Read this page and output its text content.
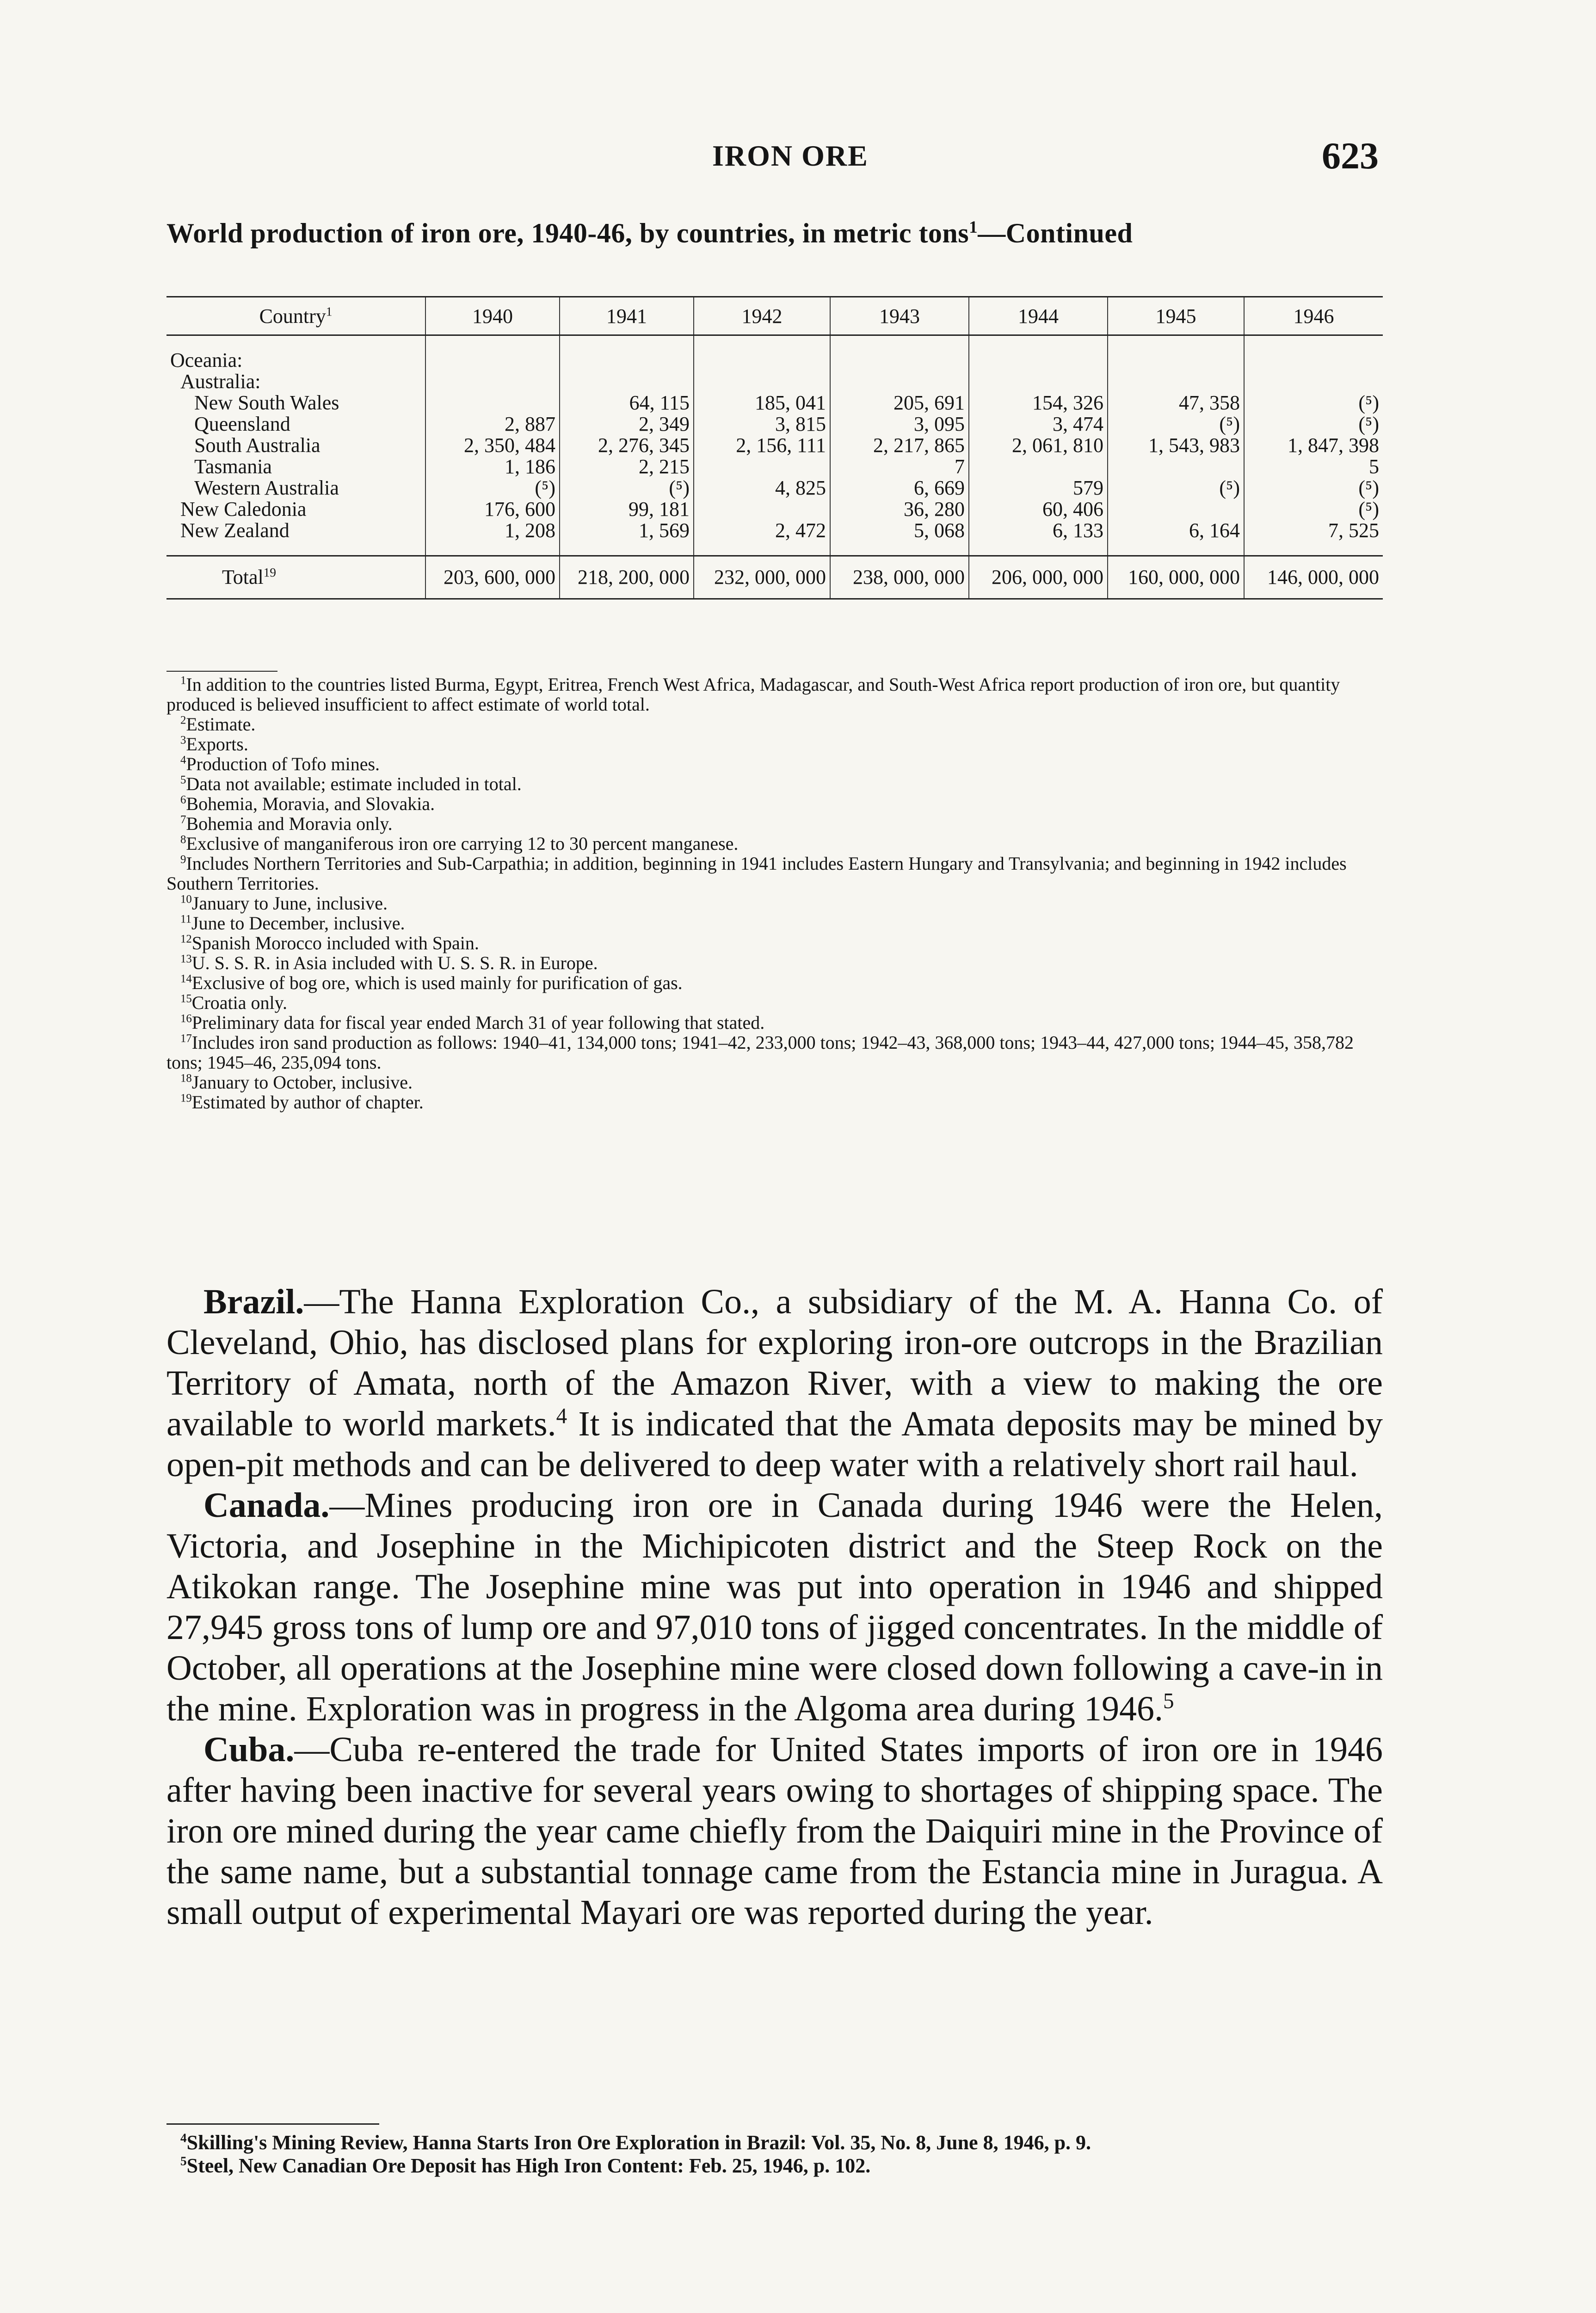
IRON ORE	623
World production of iron ore, 1940-46, by countries, in metric tons$^1$—Continued
Country$^1$	1940	1941	1942	1943	1944	1945	1946

Oceania:							
Australia:							
New South Wales		64, 115	185, 041	205, 691	154, 326	47, 358	(⁵)
Queensland	2, 887	2, 349	3, 815	3, 095	3, 474	(⁵)	(⁵)
South Australia	2, 350, 484	2, 276, 345	2, 156, 111	2, 217, 865	2, 061, 810	1, 543, 983	1, 847, 398
Tasmania	1, 186	2, 215		7			5
Western Australia	(⁵)	(⁵)	4, 825	6, 669	579	(⁵)	(⁵)
New Caledonia	176, 600	99, 181		36, 280	60, 406		(⁵)
New Zealand	1, 208	1, 569	2, 472	5, 068	6, 133	6, 164	7, 525

Total$^{19}$	203, 600, 000	218, 200, 000	232, 000, 000	238, 000, 000	206, 000, 000	160, 000, 000	146, 000, 000

$^1$In addition to the countries listed Burma, Egypt, Eritrea, French West Africa, Madagascar, and South-West Africa report production of iron ore, but quantity produced is believed insufficient to affect estimate of world total.

$^2$Estimate.

$^3$Exports.

$^4$Production of Tofo mines.

$^5$Data not available; estimate included in total.

$^6$Bohemia, Moravia, and Slovakia.

$^7$Bohemia and Moravia only.

$^8$Exclusive of manganiferous iron ore carrying 12 to 30 percent manganese.

$^9$Includes Northern Territories and Sub-Carpathia; in addition, beginning in 1941 includes Eastern Hungary and Transylvania; and beginning in 1942 includes Southern Territories.

$^{10}$January to June, inclusive.

$^{11}$June to December, inclusive.

$^{12}$Spanish Morocco included with Spain.

$^{13}$U. S. S. R. in Asia included with U. S. S. R. in Europe.

$^{14}$Exclusive of bog ore, which is used mainly for purification of gas.

$^{15}$Croatia only.

$^{16}$Preliminary data for fiscal year ended March 31 of year following that stated.

$^{17}$Includes iron sand production as follows: 1940–41, 134,000 tons; 1941–42, 233,000 tons; 1942–43, 368,000 tons; 1943–44, 427,000 tons; 1944–45, 358,782 tons; 1945–46, 235,094 tons.

$^{18}$January to October, inclusive.

$^{19}$Estimated by author of chapter.

Brazil.—The Hanna Exploration Co., a subsidiary of the M. A. Hanna Co. of Cleveland, Ohio, has disclosed plans for exploring iron-ore outcrops in the Brazilian Territory of Amata, north of the Amazon River, with a view to making the ore available to world markets.$^4$ It is indicated that the Amata deposits may be mined by open-pit methods and can be delivered to deep water with a relatively short rail haul.

Canada.—Mines producing iron ore in Canada during 1946 were the Helen, Victoria, and Josephine in the Michipicoten district and the Steep Rock on the Atikokan range. The Josephine mine was put into operation in 1946 and shipped 27,945 gross tons of lump ore and 97,010 tons of jigged concentrates. In the middle of October, all operations at the Josephine mine were closed down following a cave-in in the mine. Exploration was in progress in the Algoma area during 1946.$^5$

Cuba.—Cuba re-entered the trade for United States imports of iron ore in 1946 after having been inactive for several years owing to shortages of shipping space. The iron ore mined during the year came chiefly from the Daiquiri mine in the Province of the same name, but a substantial tonnage came from the Estancia mine in Juragua. A small output of experimental Mayari ore was reported during the year.

$^4$Skilling's Mining Review, Hanna Starts Iron Ore Exploration in Brazil: Vol. 35, No. 8, June 8, 1946, p. 9.

$^5$Steel, New Canadian Ore Deposit has High Iron Content: Feb. 25, 1946, p. 102.
